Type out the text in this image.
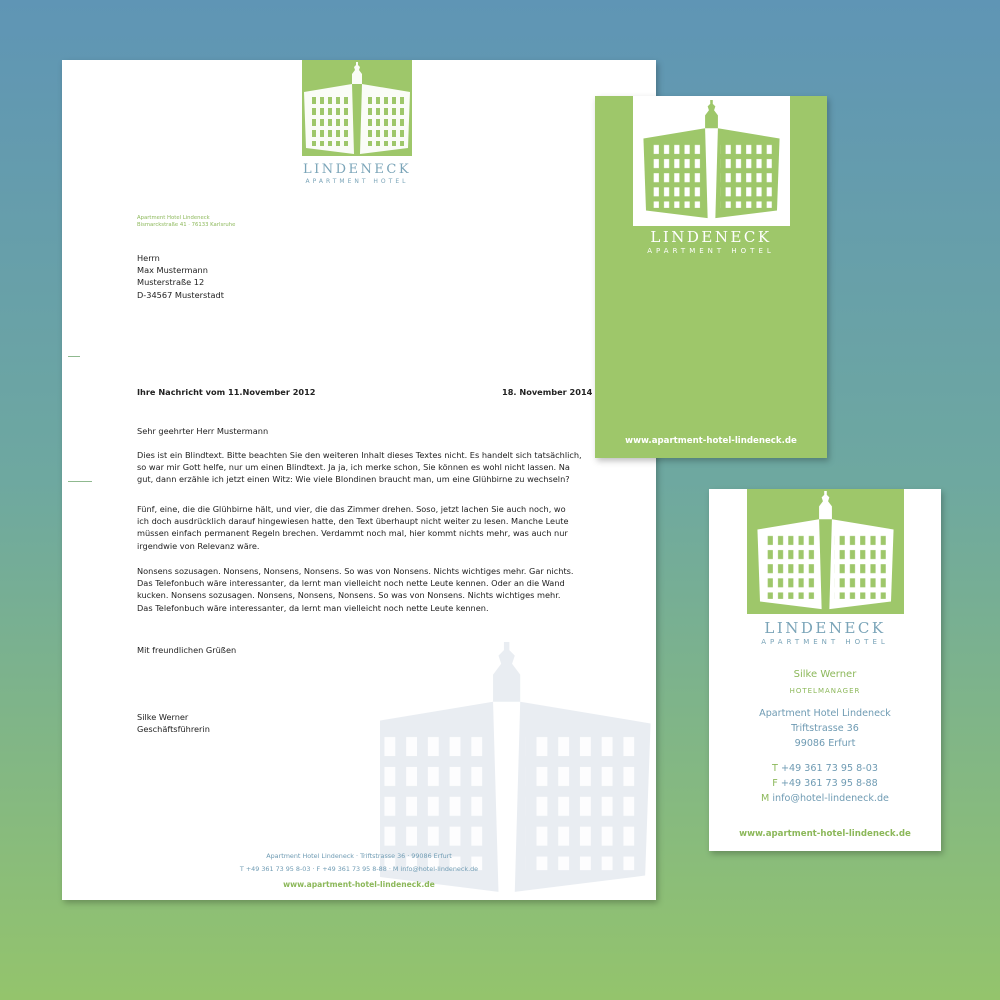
LINDENECK
APARTMENT HOTEL
Apartment Hotel Lindeneck
Bismarckstraße 41 · 76133 Karlsruhe
Herrn
Max Mustermann
Musterstraße 12
D-34567 Musterstadt
Ihre Nachricht vom 11.November 2012	18. November 2014
Sehr geehrter Herr Mustermann
Dies ist ein Blindtext. Bitte beachten Sie den weiteren Inhalt dieses Textes nicht. Es handelt sich tatsächlich,
so war mir Gott helfe, nur um einen Blindtext. Ja ja, ich merke schon, Sie können es wohl nicht lassen. Na
gut, dann erzähle ich jetzt einen Witz: Wie viele Blondinen braucht man, um eine Glühbirne zu wechseln?
Fünf, eine, die die Glühbirne hält, und vier, die das Zimmer drehen. Soso, jetzt lachen Sie auch noch, wo
ich doch ausdrücklich darauf hingewiesen hatte, den Text überhaupt nicht weiter zu lesen. Manche Leute
müssen einfach permanent Regeln brechen. Verdammt noch mal, hier kommt nichts mehr, was auch nur
irgendwie von Relevanz wäre.
Nonsens sozusagen. Nonsens, Nonsens, Nonsens. So was von Nonsens. Nichts wichtiges mehr. Gar nichts.
Das Telefonbuch wäre interessanter, da lernt man vielleicht noch nette Leute kennen. Oder an die Wand
kucken. Nonsens sozusagen. Nonsens, Nonsens, Nonsens. So was von Nonsens. Nichts wichtiges mehr.
Das Telefonbuch wäre interessanter, da lernt man vielleicht noch nette Leute kennen.
Mit freundlichen Grüßen
Silke Werner
Geschäftsführerin
Apartment Hotel Lindeneck · Triftstrasse 36 · 99086 Erfurt
T +49 361 73 95 8-03 · F +49 361 73 95 8-88 · M info@hotel-lindeneck.de
www.apartment-hotel-lindeneck.de
LINDENECK
APARTMENT HOTEL
www.apartment-hotel-lindeneck.de
LINDENECK
APARTMENT HOTEL
Silke Werner
HOTELMANAGER
Apartment Hotel Lindeneck
Triftstrasse 36
99086 Erfurt
T +49 361 73 95 8-03
F +49 361 73 95 8-88
M info@hotel-lindeneck.de
www.apartment-hotel-lindeneck.de
